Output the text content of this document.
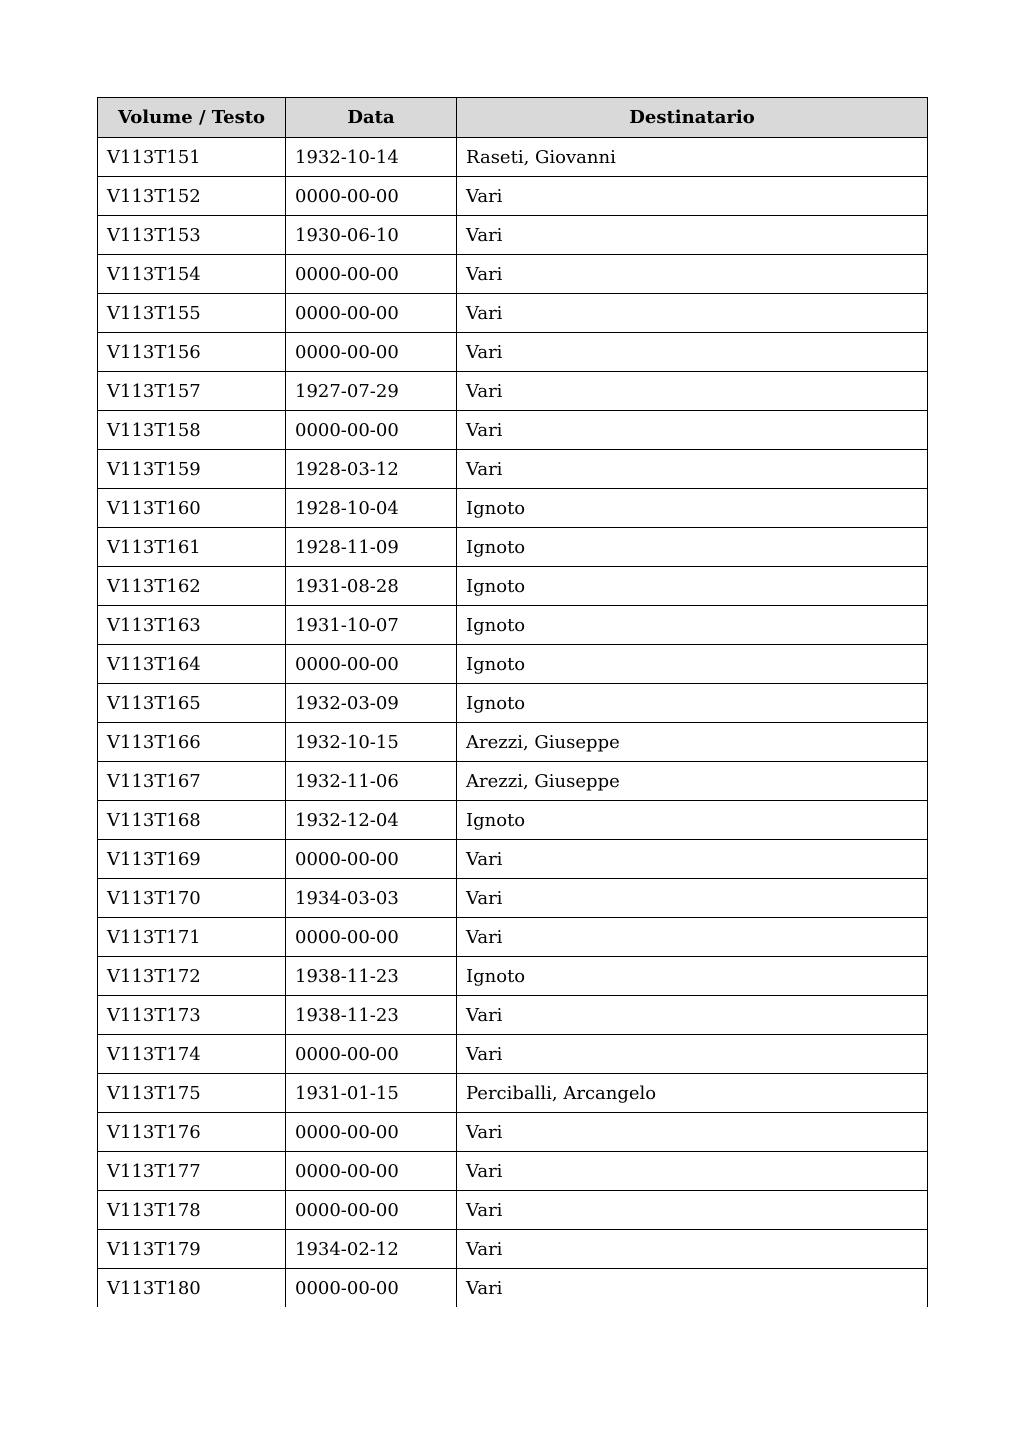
Volume / Testo	Data	Destinatario
V113T151	1932-10-14	Raseti, Giovanni
V113T152	0000-00-00	Vari
V113T153	1930-06-10	Vari
V113T154	0000-00-00	Vari
V113T155	0000-00-00	Vari
V113T156	0000-00-00	Vari
V113T157	1927-07-29	Vari
V113T158	0000-00-00	Vari
V113T159	1928-03-12	Vari
V113T160	1928-10-04	Ignoto
V113T161	1928-11-09	Ignoto
V113T162	1931-08-28	Ignoto
V113T163	1931-10-07	Ignoto
V113T164	0000-00-00	Ignoto
V113T165	1932-03-09	Ignoto
V113T166	1932-10-15	Arezzi, Giuseppe
V113T167	1932-11-06	Arezzi, Giuseppe
V113T168	1932-12-04	Ignoto
V113T169	0000-00-00	Vari
V113T170	1934-03-03	Vari
V113T171	0000-00-00	Vari
V113T172	1938-11-23	Ignoto
V113T173	1938-11-23	Vari
V113T174	0000-00-00	Vari
V113T175	1931-01-15	Perciballi, Arcangelo
V113T176	0000-00-00	Vari
V113T177	0000-00-00	Vari
V113T178	0000-00-00	Vari
V113T179	1934-02-12	Vari
V113T180	0000-00-00	Vari
